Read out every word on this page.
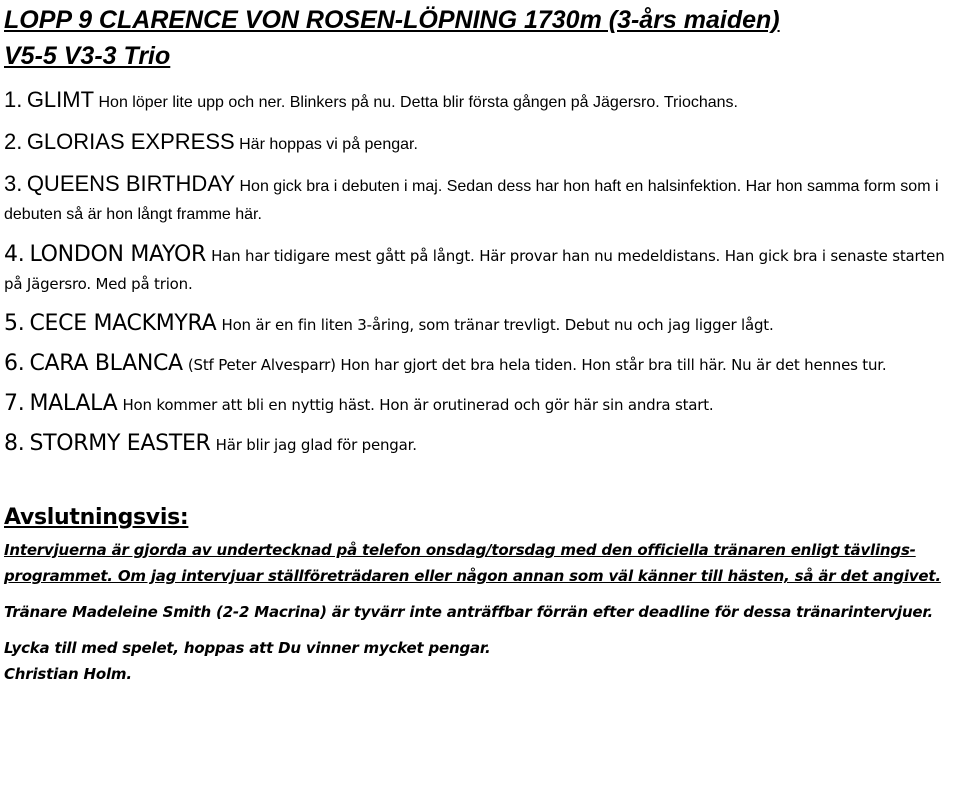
LOPP 9 CLARENCE VON ROSEN-LÖPNING 1730m (3-års maiden)
V5-5 V3-3 Trio

1. GLIMT Hon löper lite upp och ner. Blinkers på nu. Detta blir första gången på Jägersro. Triochans.

2. GLORIAS EXPRESS Här hoppas vi på pengar.

3. QUEENS BIRTHDAY Hon gick bra i debuten i maj. Sedan dess har hon haft en halsinfektion. Har hon samma form som i debuten så är hon långt framme här.

4. LONDON MAYOR Han har tidigare mest gått på långt. Här provar han nu medeldistans. Han gick bra i senaste starten på Jägersro. Med på trion.

5. CECE MACKMYRA Hon är en fin liten 3-åring, som tränar trevligt. Debut nu och jag ligger lågt.

6. CARA BLANCA (Stf Peter Alvesparr) Hon har gjort det bra hela tiden. Hon står bra till här. Nu är det hennes tur.

7. MALALA Hon kommer att bli en nyttig häst. Hon är orutinerad och gör här sin andra start.

8. STORMY EASTER Här blir jag glad för pengar.

Avslutningsvis:

Intervjuerna är gjorda av undertecknad på telefon onsdag/torsdag med den officiella tränaren enligt tävlings-
programmet. Om jag intervjuar ställföreträdaren eller någon annan som väl känner till hästen, så är det angivet.

Tränare Madeleine Smith (2-2 Macrina) är tyvärr inte anträffbar förrän efter deadline för dessa tränarintervjuer.

Lycka till med spelet, hoppas att Du vinner mycket pengar.
Christian Holm.
